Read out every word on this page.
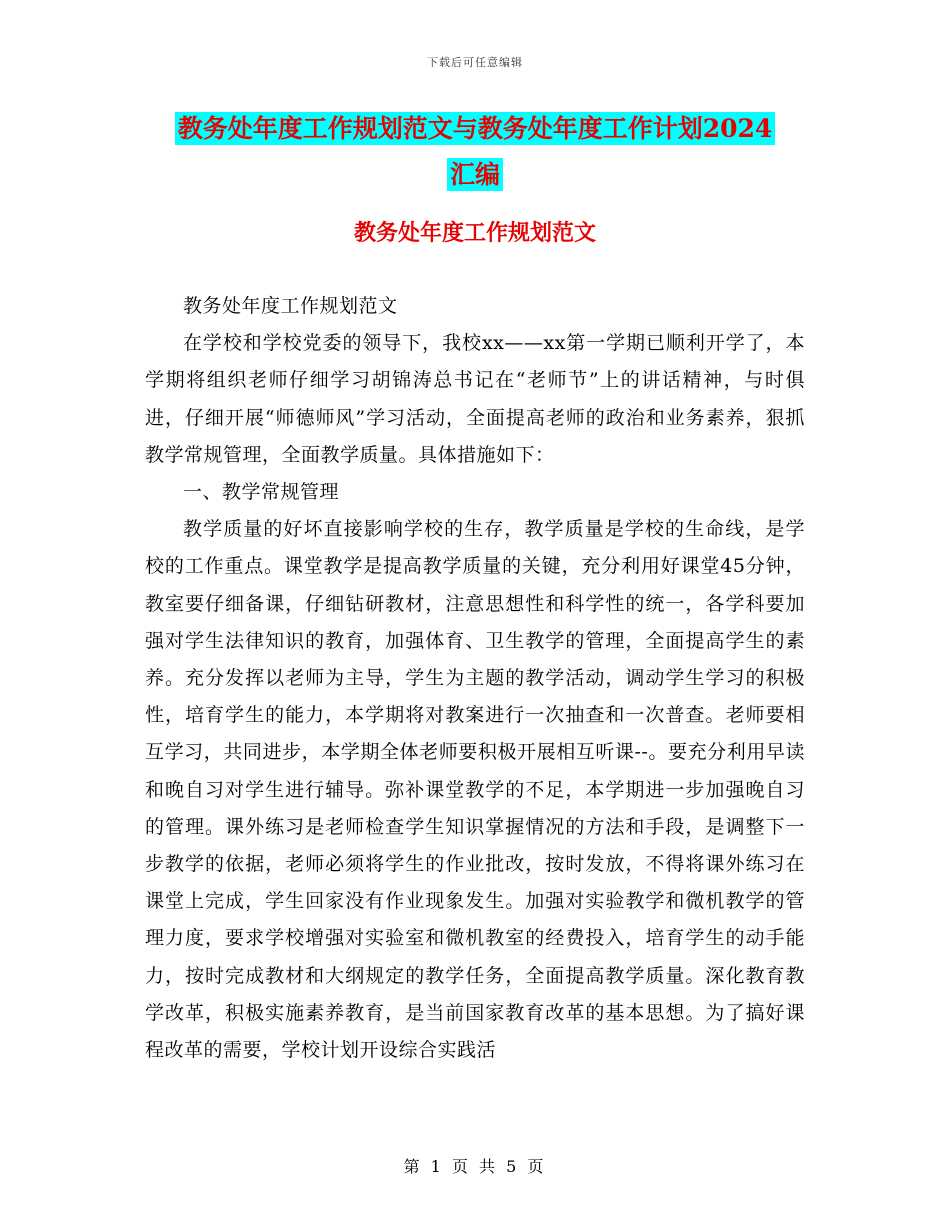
下载后可任意编辑
教务处年度工作规划范文与教务处年度工作计划2024
汇编
教务处年度工作规划范文

教务处年度工作规划范文

在学校和学校党委的领导下，我校xx——xx第一学期已顺利开学了，本学期将组织老师仔细学习胡锦涛总书记在“老师节”上的讲话精神，与时俱进，仔细开展“师德师风”学习活动，全面提高老师的政治和业务素养，狠抓教学常规管理，全面教学质量。具体措施如下：

一、教学常规管理

教学质量的好坏直接影响学校的生存，教学质量是学校的生命线，是学校的工作重点。课堂教学是提高教学质量的关键，充分利用好课堂45分钟，教室要仔细备课，仔细钻研教材，注意思想性和科学性的统一，各学科要加强对学生法律知识的教育，加强体育、卫生教学的管理，全面提高学生的素养。充分发挥以老师为主导，学生为主题的教学活动，调动学生学习的积极性，培育学生的能力，本学期将对教案进行一次抽查和一次普查。老师要相互学习，共同进步，本学期全体老师要积极开展相互听课--。要充分利用早读和晚自习对学生进行辅导。弥补课堂教学的不足，本学期进一步加强晚自习的管理。课外练习是老师检查学生知识掌握情况的方法和手段，是调整下一步教学的依据，老师必须将学生的作业批改，按时发放，不得将课外练习在课堂上完成，学生回家没有作业现象发生。加强对实验教学和微机教学的管理力度，要求学校增强对实验室和微机教室的经费投入，培育学生的动手能力，按时完成教材和大纲规定的教学任务，全面提高教学质量。深化教育教学改革，积极实施素养教育，是当前国家教育改革的基本思想。为了搞好课程改革的需要，学校计划开设综合实践活

第 1 页 共 5 页
